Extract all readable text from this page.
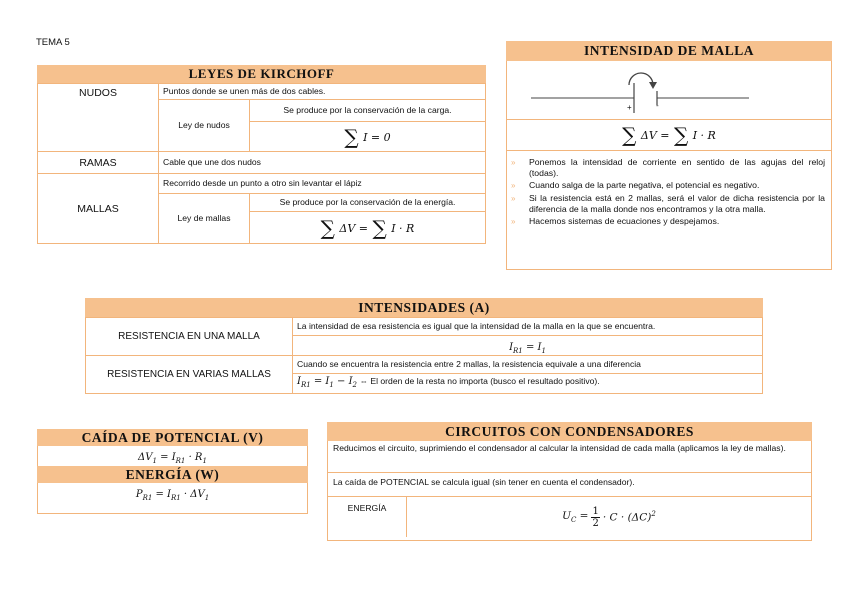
TEMA 5
LEYES DE KIRCHOFF
NUDOS	Puntos donde se unen más de dos cables.	
	Ley de nudos	Se produce por la conservación de la carga.
		∑ I = 0
RAMAS	Cable que une dos nudos	
MALLAS	Recorrido desde un punto a otro sin levantar el lápiz	
	Ley de mallas	Se produce por la conservación de la energía.
		∑ ΔV = ∑ I · R
INTENSIDAD DE MALLA
+	-
∑ ΔV = ∑ I · R
» Ponemos la intensidad de corriente en sentido de las agujas del reloj (todas).
» Cuando salga de la parte negativa, el potencial es negativo.
» Si la resistencia está en 2 mallas, será el valor de dicha resistencia por la diferencia de la malla donde nos encontramos y la otra malla.
» Hacemos sistemas de ecuaciones y despejamos.
INTENSIDADES (A)
RESISTENCIA EN UNA MALLA	La intensidad de esa resistencia es igual que la intensidad de la malla en la que se encuentra.
	$I_{R1} = I_1$
RESISTENCIA EN VARIAS MALLAS	Cuando se encuentra la resistencia entre 2 mallas, la resistencia equivale a una diferencia
	$I_{R1} = I_1 - I_2$ ⇔ El orden de la resta no importa (busco el resultado positivo).
CAÍDA DE POTENCIAL (V)
$\Delta V_1 = I_{R1} \cdot R_1$
ENERGÍA (W)
$P_{R1} = I_{R1} \cdot \Delta V_1$
CIRCUITOS CON CONDENSADORES
Reducimos el circuito, suprimiendo el condensador al calcular la intensidad de cada malla (aplicamos la ley de mallas).
La caída de POTENCIAL se calcula igual (sin tener en cuenta el condensador).
ENERGÍA
$U_C = \frac{1}{2} \cdot C \cdot (\Delta C)^2$
